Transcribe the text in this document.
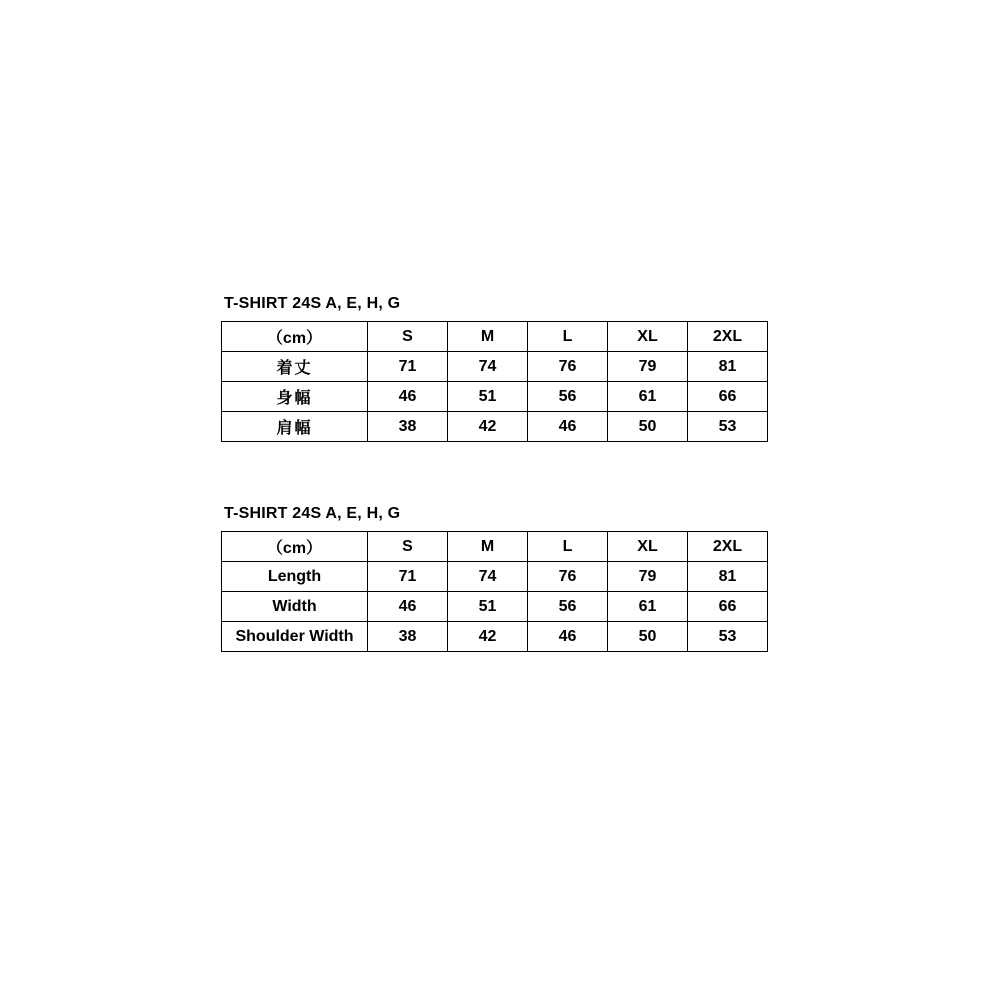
T-SHIRT 24S A, E, H, G
（cm）	S	M	L	XL	2XL
着丈	71	74	76	79	81
身幅	46	51	56	61	66
肩幅	38	42	46	50	53
T-SHIRT 24S A, E, H, G
（cm）	S	M	L	XL	2XL
Length	71	74	76	79	81
Width	46	51	56	61	66
Shoulder Width	38	42	46	50	53
